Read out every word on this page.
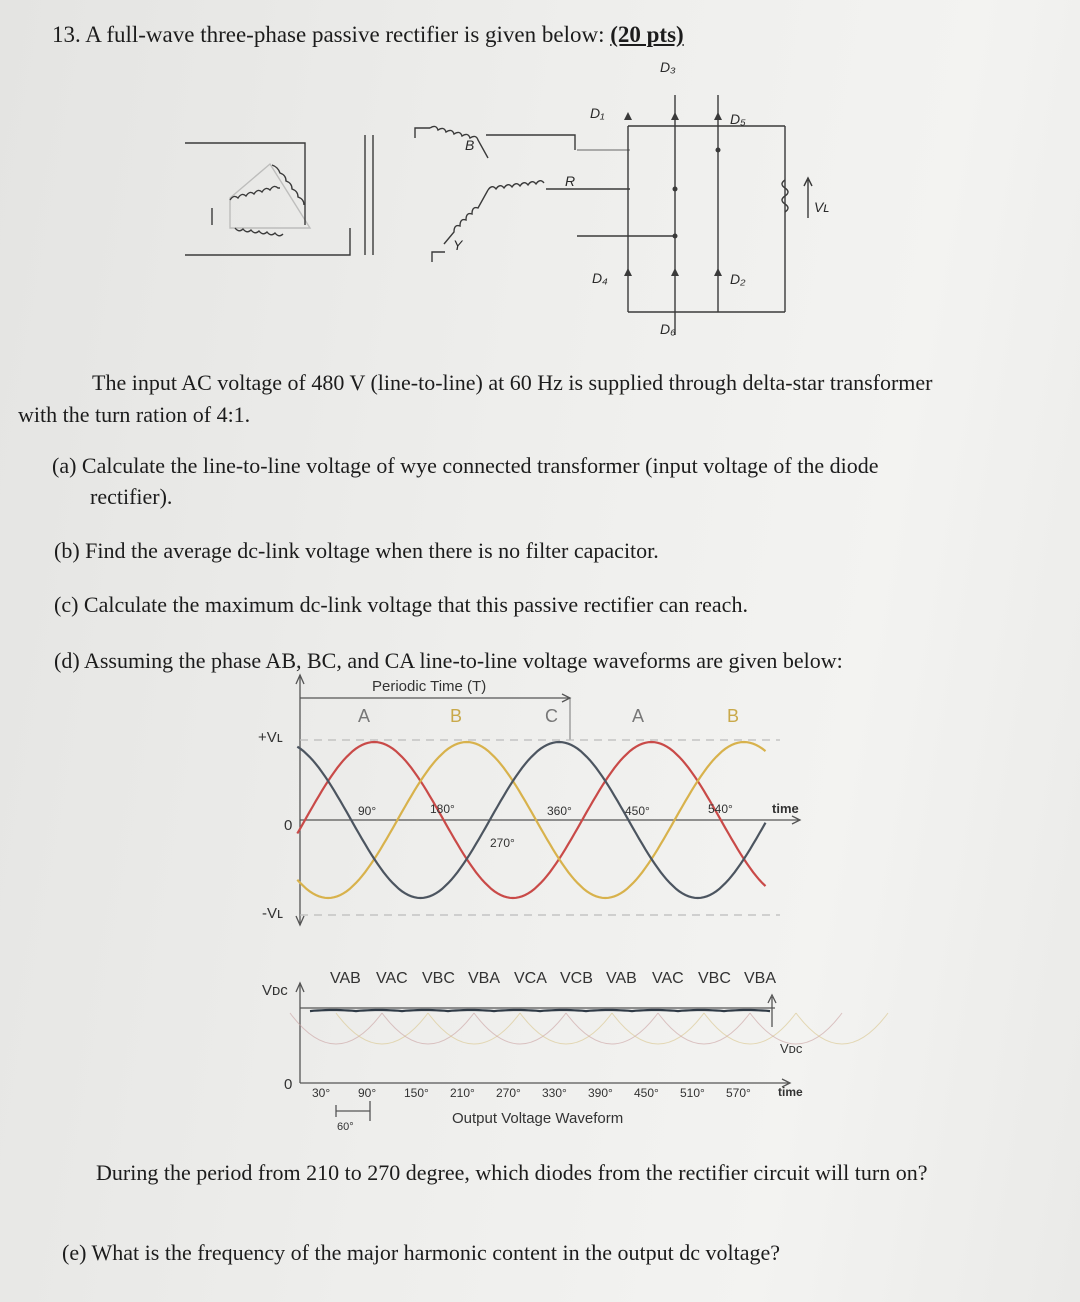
13. A full-wave three-phase passive rectifier is given below: (20 pts)
B
Y
R
D₁
D₃
D₅
D₄
D₆
D₂
Vʟ
The input AC voltage of 480 V (line-to-line) at 60 Hz is supplied through delta-star transformer
with the turn ration of 4:1.
(a) Calculate the line-to-line voltage of wye connected transformer (input voltage of the diode
rectifier).
(b) Find the average dc-link voltage when there is no filter capacitor.
(c) Calculate the maximum dc-link voltage that this passive rectifier can reach.
(d) Assuming the phase AB, BC, and CA line-to-line voltage waveforms are given below:
Periodic Time (T)
+Vʟ
0
-Vʟ
time
A	B	C	A	B
90°	180°
270°
360°	450°	540°
Vᴅᴄ
0
Vᴅᴄ
time
Output Voltage Waveform
60°
VAB VAC VBC VBA VCA VCB VAB VAC VBC VBA
30° 90° 150° 210° 270° 330° 390° 450° 510° 570°
During the period from 210 to 270 degree, which diodes from the rectifier circuit will turn on?
(e) What is the frequency of the major harmonic content in the output dc voltage?
